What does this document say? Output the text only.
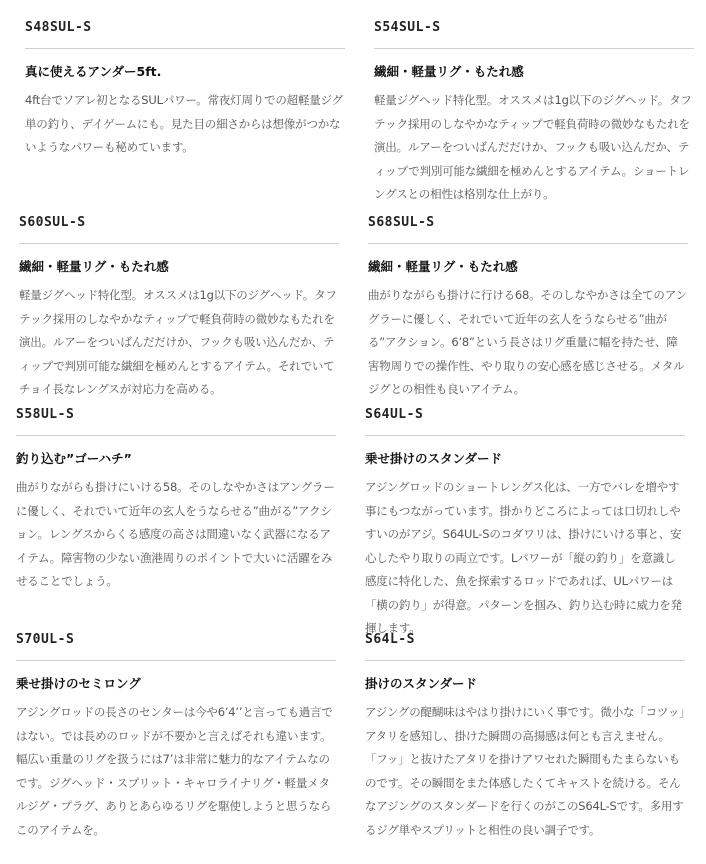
S48SUL-S
真に使えるアンダー5ft.
4ft台でソアレ初となるSULパワー。常夜灯周りでの超軽量ジグ単の釣り、デイゲームにも。見た目の細さからは想像がつかないようなパワーも秘めています。
S54SUL-S
繊細・軽量リグ・もたれ感
軽量ジグヘッド特化型。オススメは1g以下のジグヘッド。タフテック採用のしなやかなティップで軽負荷時の微妙なもたれを演出。ルアーをついばんだだけか、フックも吸い込んだか、ティップで判別可能な繊細を極めんとするアイテム。ショートレングスとの相性は格別な仕上がり。
S60SUL-S
繊細・軽量リグ・もたれ感
軽量ジグヘッド特化型。オススメは1g以下のジグヘッド。タフテック採用のしなやかなティップで軽負荷時の微妙なもたれを演出。ルアーをついばんだだけか、フックも吸い込んだか、ティップで判別可能な繊細を極めんとするアイテム。それでいてチョイ長なレングスが対応力を高める。
S68SUL-S
繊細・軽量リグ・もたれ感
曲がりながらも掛けに行ける68。そのしなやかさは全てのアングラーに優しく、それでいて近年の玄人をうならせる”曲がる”アクション。6’8”という長さはリグ重量に幅を持たせ、障害物周りでの操作性、やり取りの安心感を感じさせる。メタルジグとの相性も良いアイテム。
S58UL-S
釣り込む”ゴーハチ”
曲がりながらも掛けにいける58。そのしなやかさはアングラーに優しく、それでいて近年の玄人をうならせる”曲がる”アクション。レングスからくる感度の高さは間違いなく武器になるアイテム。障害物の少ない漁港周りのポイントで大いに活躍をみせることでしょう。
S64UL-S
乗せ掛けのスタンダード
アジングロッドのショートレングス化は、一方でバレを増やす事にもつながっています。掛かりどころによっては口切れしやすいのがアジ。S64UL-Sのコダワリは、掛けにいける事と、安心したやり取りの両立です。Lパワーが「縦の釣り」を意識し感度に特化した、魚を探索するロッドであれば、ULパワーは「横の釣り」が得意。パターンを掴み、釣り込む時に威力を発揮します。
S70UL-S
乗せ掛けのセミロング
アジングロッドの長さのセンターは今や6’4’’と言っても過言ではない。では長めのロッドが不要かと言えばそれも違います。幅広い重量のリグを扱うには7’は非常に魅力的なアイテムなのです。ジグヘッド・スプリット・キャロライナリグ・軽量メタルジグ・プラグ、ありとあらゆるリグを駆使しようと思うならこのアイテムを。
S64L-S
掛けのスタンダード
アジングの醍醐味はやはり掛けにいく事です。微小な「コツッ」アタリを感知し、掛けた瞬間の高揚感は何とも言えません。「フッ」と抜けたアタリを掛けアワセれた瞬間もたまらないものです。その瞬間をまた体感したくてキャストを続ける。そんなアジングのスタンダードを行くのがこのS64L-Sです。多用するジグ単やスプリットと相性の良い調子です。
